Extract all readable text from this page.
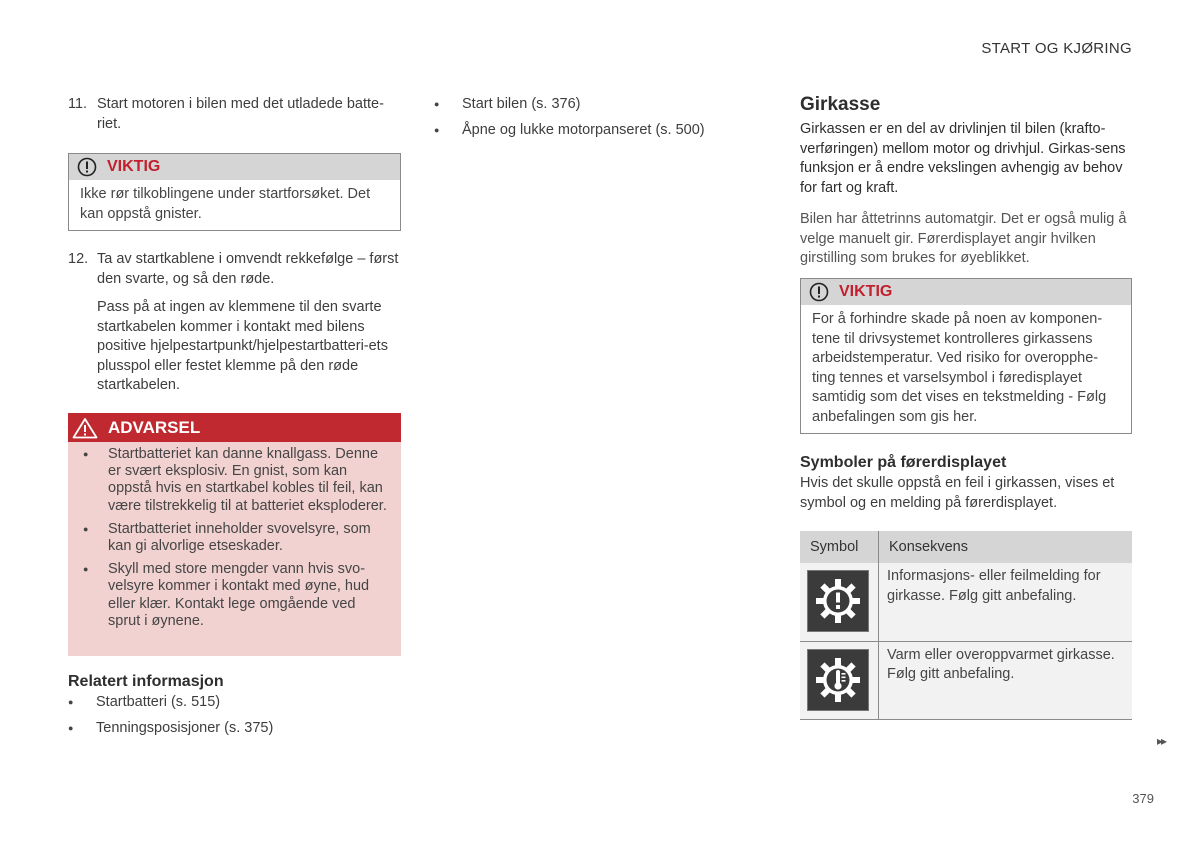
START OG KJØRING
11. Start motoren i bilen med det utladede batte-riet.
VIKTIG
Ikke rør tilkoblingene under startforsøket. Det kan oppstå gnister.
12. Ta av startkablene i omvendt rekkefølge – først den svarte, og så den røde.
Pass på at ingen av klemmene til den svarte startkabelen kommer i kontakt med bilens positive hjelpestartpunkt/hjelpestartbatteri-ets plusspol eller festet klemme på den røde startkabelen.
ADVARSEL
● Startbatteriet kan danne knallgass. Denne er svært eksplosiv. En gnist, som kan oppstå hvis en startkabel kobles til feil, kan være tilstrekkelig til at batteriet eksploderer.
● Startbatteriet inneholder svovelsyre, som kan gi alvorlige etseskader.
● Skyll med store mengder vann hvis svo-velsyre kommer i kontakt med øyne, hud eller klær. Kontakt lege omgående ved sprut i øynene.
Relatert informasjon
● Startbatteri (s. 515)
● Tenningsposisjoner (s. 375)
● Start bilen (s. 376)
● Åpne og lukke motorpanseret (s. 500)
Girkasse
Girkassen er en del av drivlinjen til bilen (krafto-verføringen) mellom motor og drivhjul. Girkas-sens funksjon er å endre vekslingen avhengig av behov for fart og kraft.
Bilen har åttetrinns automatgir. Det er også mulig å velge manuelt gir. Førerdisplayet angir hvilken girstilling som brukes for øyeblikket.
VIKTIG
For å forhindre skade på noen av komponen-tene til drivsystemet kontrolleres girkassens arbeidstemperatur. Ved risiko for overopphe-ting tennes et varselsymbol i føredisplayet samtidig som det vises en tekstmelding - Følg anbefalingen som gis her.
Symboler på førerdisplayet
Hvis det skulle oppstå en feil i girkassen, vises et symbol og en melding på førerdisplayet.
Symbol	Konsekvens

	Informasjons- eller feilmelding for girkasse. Følg gitt anbefaling.

	Varm eller overoppvarmet girkasse. Følg gitt anbefaling.
▸▸
379
